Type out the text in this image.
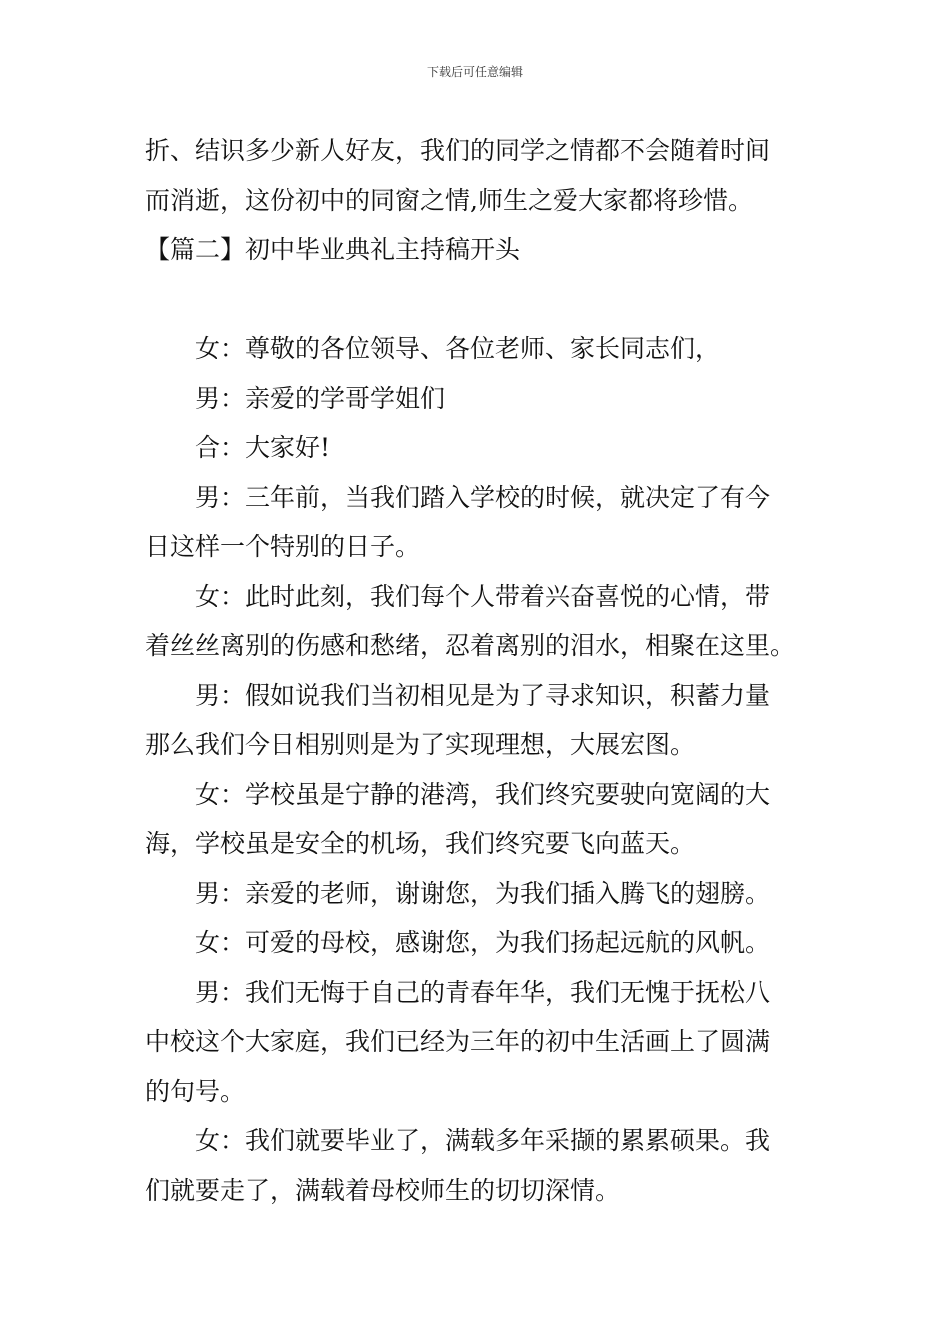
下载后可任意编辑
折、结识多少新人好友，我们的同学之情都不会随着时间
而消逝，这份初中的同窗之情,师生之爱大家都将珍惜。
【篇二】初中毕业典礼主持稿开头
女：尊敬的各位领导、各位老师、家长同志们，
男：亲爱的学哥学姐们
合：大家好!
男：三年前，当我们踏入学校的时候，就决定了有今
日这样一个特别的日子。
女：此时此刻，我们每个人带着兴奋喜悦的心情，带
着丝丝离别的伤感和愁绪，忍着离别的泪水，相聚在这里。
男：假如说我们当初相见是为了寻求知识，积蓄力量
那么我们今日相别则是为了实现理想，大展宏图。
女：学校虽是宁静的港湾，我们终究要驶向宽阔的大
海，学校虽是安全的机场，我们终究要飞向蓝天。
男：亲爱的老师，谢谢您，为我们插入腾飞的翅膀。
女：可爱的母校，感谢您，为我们扬起远航的风帆。
男：我们无悔于自己的青春年华，我们无愧于抚松八
中校这个大家庭，我们已经为三年的初中生活画上了圆满
的句号。
女：我们就要毕业了，满载多年采撷的累累硕果。我
们就要走了，满载着母校师生的切切深情。
